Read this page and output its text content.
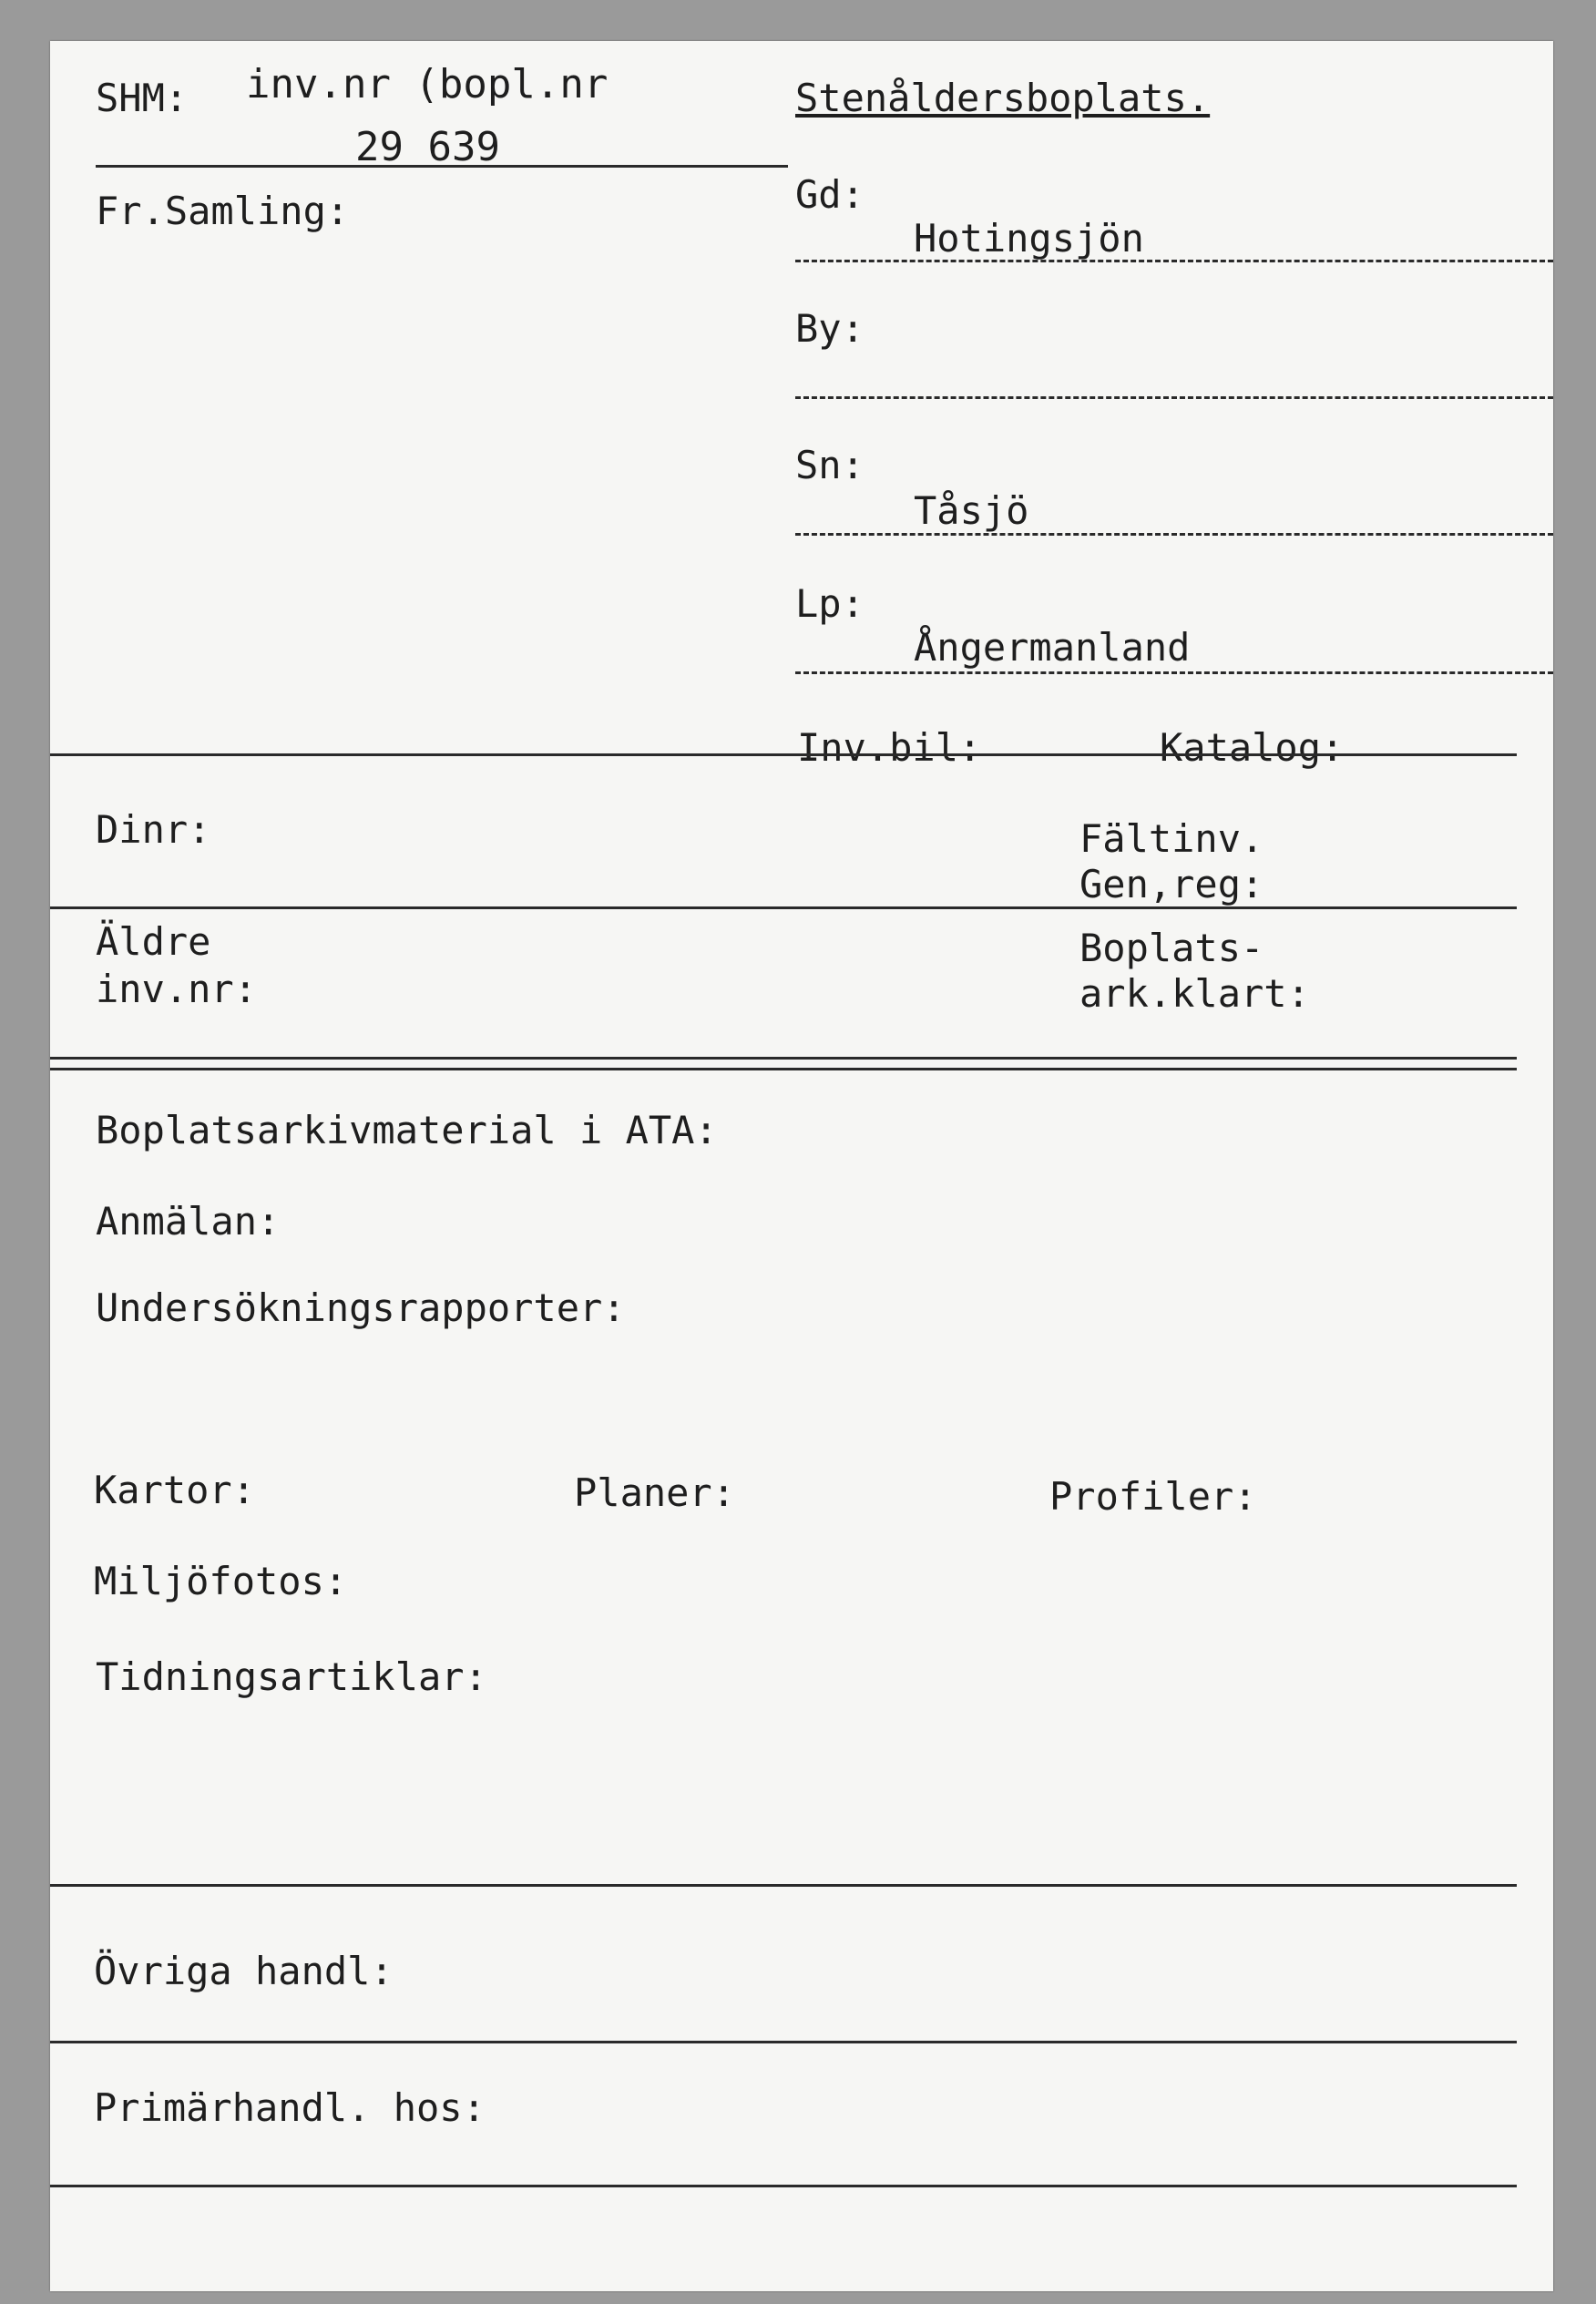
SHM: inv.nr (bopl.nr
29 639
Fr.Samling:
Stenåldersboplats.
Gd:
Hotingsjön
By:
Sn:
Tåsjö
Lp:
Ångermanland
Inv.bil:	Katalog:
Dinr:	Fältinv.
Gen,reg:
Äldre
inv.nr:
Boplats-
ark.klart:
Boplatsarkivmaterial i ATA:
Anmälan:
Undersökningsrapporter:
Kartor:	Planer:	Profiler:
Miljöfotos:
Tidningsartiklar:
Övriga handl:
Primärhandl. hos:
